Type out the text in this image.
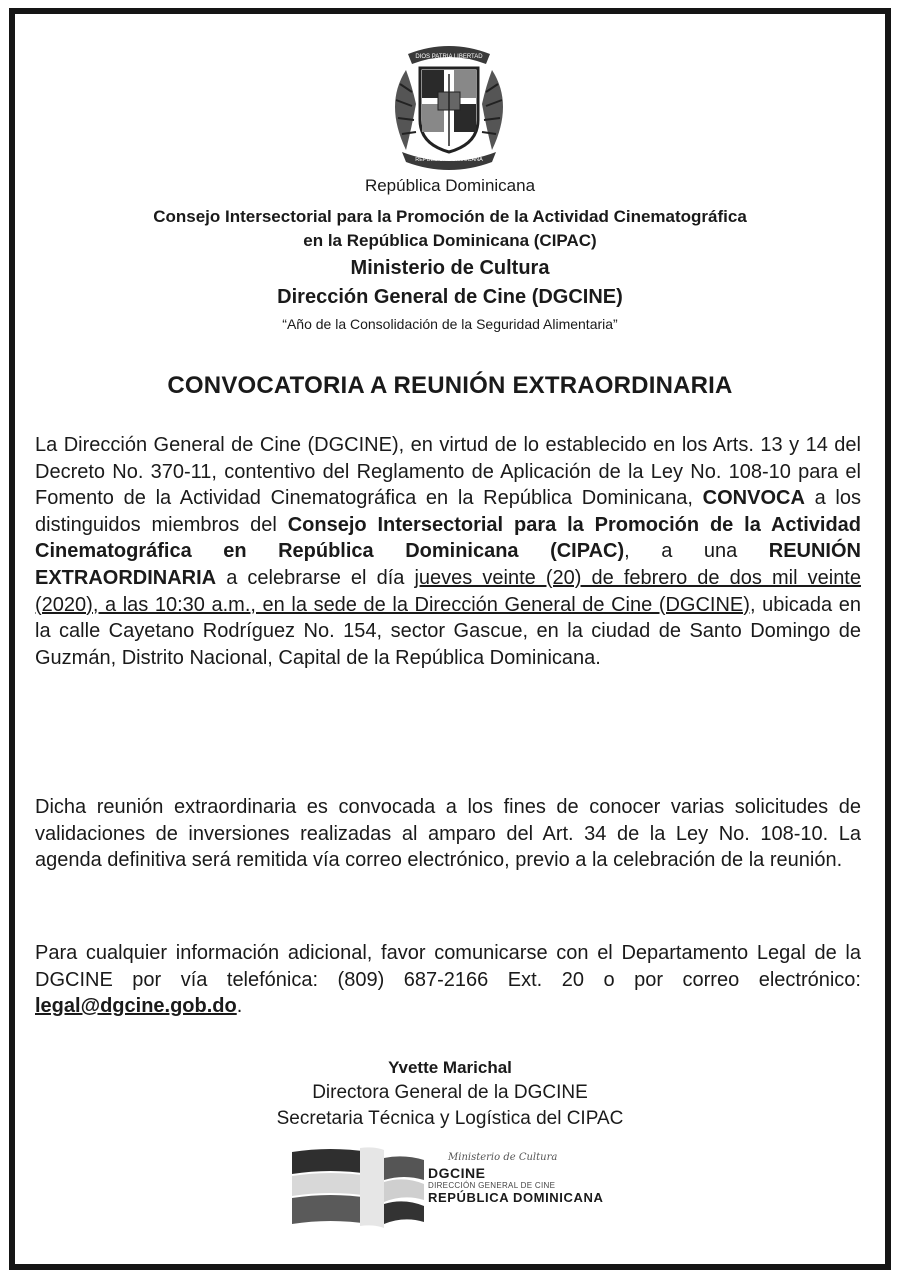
DIOS PATRIA LIBERTAD
REPÚBLICA DOMINICANA
República Dominicana
Consejo Intersectorial para la Promoción de la Actividad Cinematográfica
en la República Dominicana (CIPAC)
Ministerio de Cultura
Dirección General de Cine (DGCINE)
“Año de la Consolidación de la Seguridad Alimentaria”
CONVOCATORIA A REUNIÓN EXTRAORDINARIA

La Dirección General de Cine (DGCINE), en virtud de lo establecido en los Arts. 13 y 14 del Decreto No. 370-11, contentivo del Reglamento de Aplicación de la Ley No. 108-10 para el Fomento de la Actividad Cinematográfica en la República Dominicana, CONVOCA a los distinguidos miembros del Consejo Intersectorial para la Promoción de la Actividad Cinematográfica en República Dominicana (CIPAC), a una REUNIÓN EXTRAORDINARIA a celebrarse el día jueves veinte (20) de febrero de dos mil veinte (2020), a las 10:30 a.m., en la sede de la Dirección General de Cine (DGCINE), ubicada en la calle Cayetano Rodríguez No. 154, sector Gascue, en la ciudad de Santo Domingo de Guzmán, Distrito Nacional, Capital de la República Dominicana.

Dicha reunión extraordinaria es convocada a los fines de conocer varias solicitudes de validaciones de inversiones realizadas al amparo del Art. 34 de la Ley No. 108-10. La agenda definitiva será remitida vía correo electrónico, previo a la celebración de la reunión.

Para cualquier información adicional, favor comunicarse con el Departamento Legal de la DGCINE por vía telefónica: (809) 687-2166 Ext. 20 o por correo electrónico: legal@dgcine.gob.do.

Yvette Marichal
Directora General de la DGCINE
Secretaria Técnica y Logística del CIPAC
Ministerio de Cultura
DGCINE
DIRECCIÓN GENERAL DE CINE
REPÚBLICA DOMINICANA
